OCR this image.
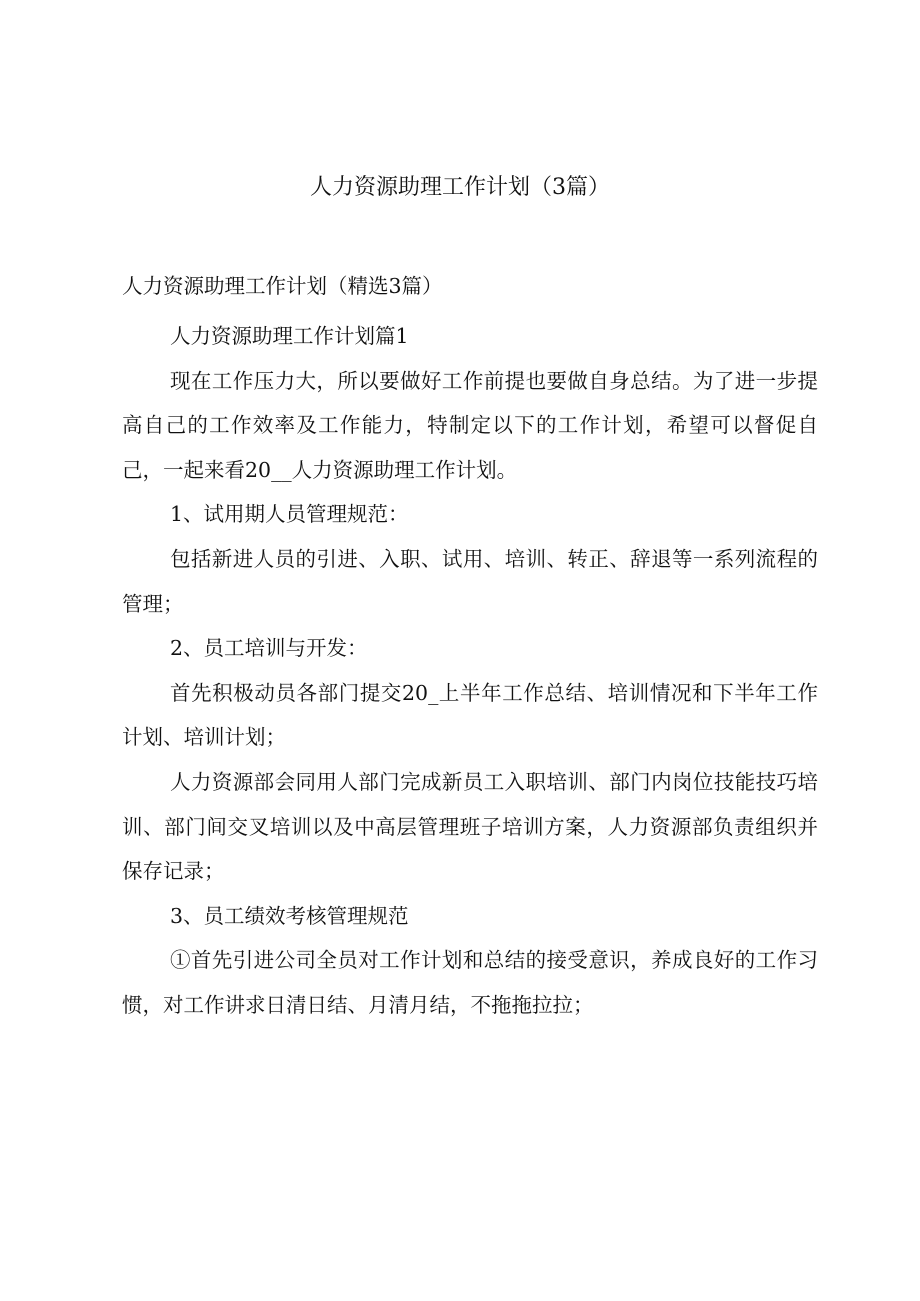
人力资源助理工作计划（3篇）
人力资源助理工作计划（精选3篇）

人力资源助理工作计划篇1

现在工作压力大，所以要做好工作前提也要做自身总结。为了进一步提高自己的工作效率及工作能力，特制定以下的工作计划，希望可以督促自己，一起来看20__人力资源助理工作计划。

1、试用期人员管理规范：

包括新进人员的引进、入职、试用、培训、转正、辞退等一系列流程的管理；

2、员工培训与开发：

首先积极动员各部门提交20_上半年工作总结、培训情况和下半年工作计划、培训计划；

人力资源部会同用人部门完成新员工入职培训、部门内岗位技能技巧培训、部门间交叉培训以及中高层管理班子培训方案，人力资源部负责组织并保存记录；

3、员工绩效考核管理规范

①首先引进公司全员对工作计划和总结的接受意识，养成良好的工作习惯，对工作讲求日清日结、月清月结，不拖拖拉拉；
